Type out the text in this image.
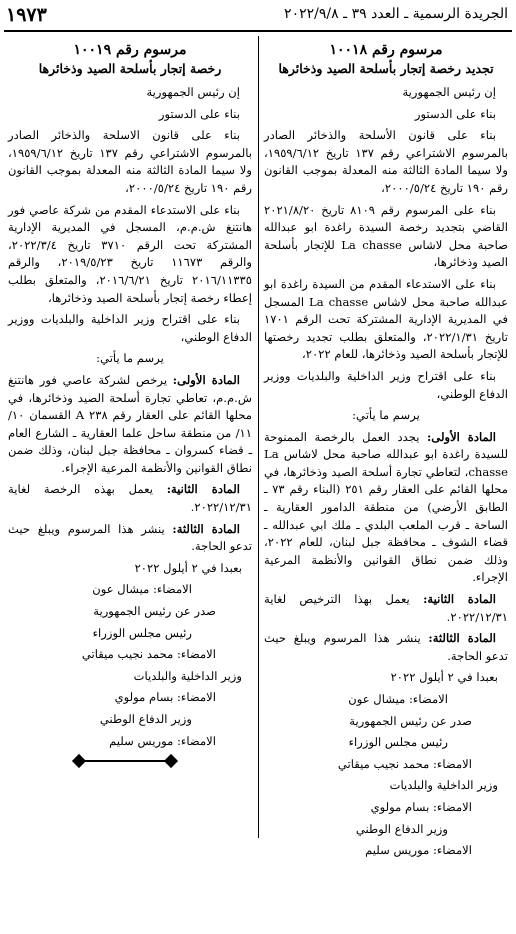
١٩٧٣	الجريدة الرسمية ـ العدد ٣٩ ـ ٢٠٢٢/٩/٨
مرسوم رقم ١٠٠١٨
تجديد رخصة إتجار بأسلحة الصيد وذخائرها

إن رئيس الجمهورية

بناء على الدستور

بناء على قانون الأسلحة والذخائر الصادر بالمرسوم الاشتراعي رقم ١٣٧ تاريخ ١٩٥٩/٦/١٢، ولا سيما المادة الثالثة منه المعدلة بموجب القانون رقم ١٩٠ تاريخ ٢٠٠٠/٥/٢٤،

بناء على المرسوم رقم ٨١٠٩ تاريخ ٢٠٢١/٨/٢٠ القاضي بتجديد رخصة السيدة راغدة ابو عبدالله صاحبة محل لاشاس La chasse للإتجار بأسلحة الصيد وذخائرها،

بناء على الاستدعاء المقدم من السيدة راغدة ابو عبدالله صاحبة محل لاشاس La chasse المسجل في المديرية الإدارية المشتركة تحت الرقم ١٧٠١ تاريخ ٢٠٢٢/١/٣١، والمتعلق بطلب تجديد رخصتها للإتجار بأسلحة الصيد وذخائرها، للعام ٢٠٢٢،

بناء على اقتراح وزير الداخلية والبلديات ووزير الدفاع الوطني،

يرسم ما يأتي:

المادة الأولى: يجدد العمل بالرخصة الممنوحة للسيدة راغدة ابو عبدالله صاحبة محل لاشاس La chasse، لتعاطي تجارة أسلحة الصيد وذخائرها، في محلها القائم على العقار رقم ٢٥١ (البناء رقم ٧٣ ـ الطابق الأرضي) من منطقة الدامور العقارية ـ الساحة ـ قرب الملعب البلدي ـ ملك ابي عبدالله ـ قضاء الشوف ـ محافظة جبل لبنان، للعام ٢٠٢٢، وذلك ضمن نطاق القوانين والأنظمة المرعية الإجراء.

المادة الثانية: يعمل بهذا الترخيص لغاية ٢٠٢٢/١٢/٣١.

المادة الثالثة: ينشر هذا المرسوم ويبلغ حيث تدعو الحاجة.

بعبدا في ٢ أيلول ٢٠٢٢

الامضاء: ميشال عون

صدر عن رئيس الجمهورية

رئيس مجلس الوزراء

الامضاء: محمد نجيب ميقاتي

وزير الداخلية والبلديات

الامضاء: بسام مولوي

وزير الدفاع الوطني

الامضاء: موريس سليم

مرسوم رقم ١٠٠١٩
رخصة إتجار بأسلحة الصيد وذخائرها

إن رئيس الجمهورية

بناء على الدستور

بناء على قانون الاسلحة والذخائر الصادر بالمرسوم الاشتراعي رقم ١٣٧ تاريخ ١٩٥٩/٦/١٢، ولا سيما المادة الثالثة منه المعدلة بموجب القانون رقم ١٩٠ تاريخ ٢٠٠٠/٥/٢٤،

بناء على الاستدعاء المقدم من شركة عاصي فور هانتنغ ش.م.م، المسجل في المديرية الإدارية المشتركة تحت الرقم ٣٧١٠ تاريخ ٢٠٢٢/٣/٤، والرقم ١١٦٧٣ تاريخ ٢٠١٩/٥/٢٣، والرقم ٢٠١٦/١١٣٣٥ تاريخ ٢٠١٦/٦/٢١، والمتعلق بطلب إعطاء رخصة إتجار بأسلحة الصيد وذخائرها،

بناء على اقتراح وزير الداخلية والبلديات ووزير الدفاع الوطني،

يرسم ما يأتي:

المادة الأولى: يرخص لشركة عاصي فور هانتنغ ش.م.م، تعاطي تجارة أسلحة الصيد وذخائرها، في محلها القائم على العقار رقم ٢٣٨ A القسمان ١٠/ ١١/ من منطقة ساحل علما العقارية ـ الشارع العام ـ قضاء كسروان ـ محافظة جبل لبنان، وذلك ضمن نطاق القوانين والأنظمة المرعية الإجراء.

المادة الثانية: يعمل بهذه الرخصة لغاية ٢٠٢٢/١٢/٣١.

المادة الثالثة: ينشر هذا المرسوم ويبلغ حيث تدعو الحاجة.

بعبدا في ٢ أيلول ٢٠٢٢

الامضاء: ميشال عون

صدر عن رئيس الجمهورية

رئيس مجلس الوزراء

الامضاء: محمد نجيب ميقاتي

وزير الداخلية والبلديات

الامضاء: بسام مولوي

وزير الدفاع الوطني

الامضاء: موريس سليم
